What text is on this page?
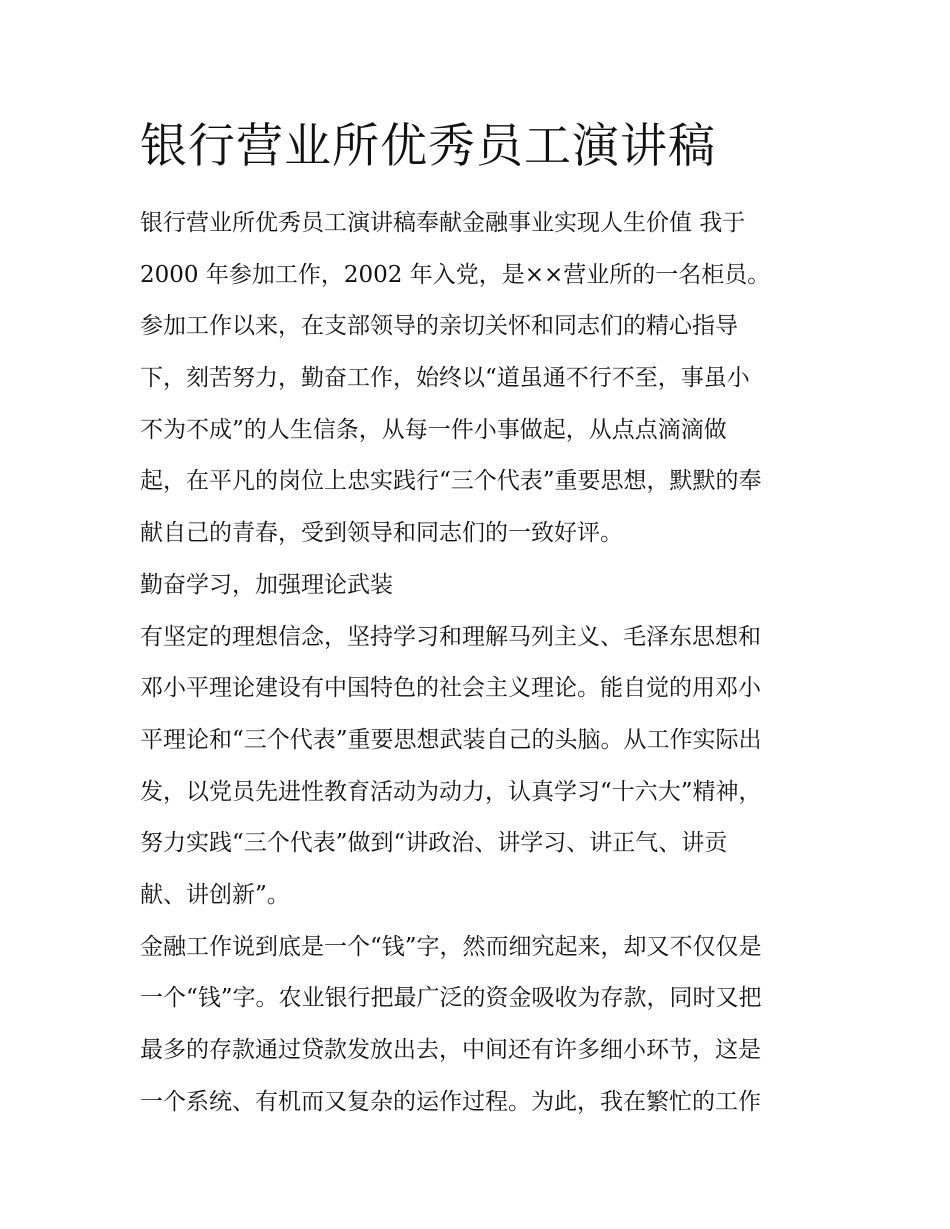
银行营业所优秀员工演讲稿
银行营业所优秀员工演讲稿奉献金融事业实现人生价值 我于
2000 年参加工作，2002 年入党，是××营业所的一名柜员。
参加工作以来，在支部领导的亲切关怀和同志们的精心指导
下，刻苦努力，勤奋工作，始终以“道虽通不行不至，事虽小
不为不成”的人生信条，从每一件小事做起，从点点滴滴做
起，在平凡的岗位上忠实践行“三个代表”重要思想，默默的奉
献自己的青春，受到领导和同志们的一致好评。
勤奋学习，加强理论武装
有坚定的理想信念，坚持学习和理解马列主义、毛泽东思想和
邓小平理论建设有中国特色的社会主义理论。能自觉的用邓小
平理论和“三个代表”重要思想武装自己的头脑。从工作实际出
发，以党员先进性教育活动为动力，认真学习“十六大”精神，
努力实践“三个代表”做到“讲政治、讲学习、讲正气、讲贡
献、讲创新”。
金融工作说到底是一个“钱”字，然而细究起来，却又不仅仅是
一个“钱”字。农业银行把最广泛的资金吸收为存款，同时又把
最多的存款通过贷款发放出去，中间还有许多细小环节，这是
一个系统、有机而又复杂的运作过程。为此，我在繁忙的工作
